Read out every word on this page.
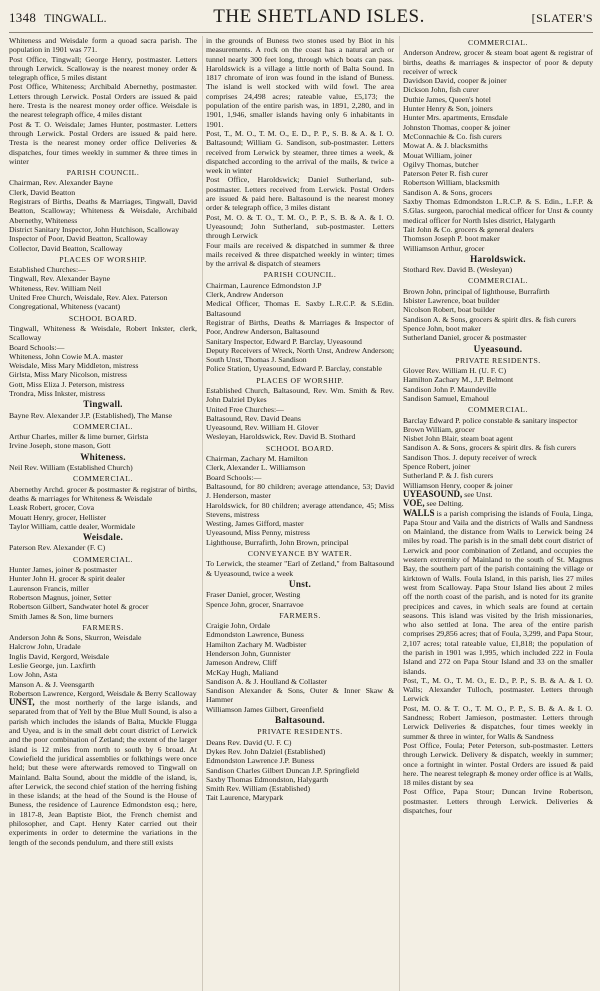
1348 TINGWALL.	THE SHETLAND ISLES.	[SLATER'S
Whiteness and Weisdale form a quoad sacra parish. The population in 1901 was 771.
Post Office, Tingwall; George Henry, postmaster. Letters through Lerwick. Scalloway is the nearest money order & telegraph office, 5 miles distant
Post Office, Whiteness; Archibald Abernethy, postmaster. Letters through Lerwick. Postal Orders are issued & paid here. Tresta is the nearest money order office. Weisdale is the nearest telegraph office, 4 miles distant
Post & T. O. Weisdale; James Hunter, postmaster. Letters through Lerwick. Postal Orders are issued & paid here. Tresta is the nearest money order office Deliveries & dispatches, four times weekly in summer & three times in winter
PARISH COUNCIL.
Chairman, Rev. Alexander Bayne
Clerk, David Beatton
Registrars of Births, Deaths & Marriages, Tingwall, David Beatton, Scalloway; Whiteness & Weisdale, Archibald Abernethy, Whiteness
District Sanitary Inspector, John Hutchison, Scalloway
Inspector of Poor, David Beatton, Scalloway
Collector, David Beatton, Scalloway
PLACES OF WORSHIP.
Established Churches:—
Tingwall, Rev. Alexander Bayne
Whiteness, Rev. William Neil
United Free Church, Weisdale, Rev. Alex. Paterson
Congregational, Whiteness (vacant)
SCHOOL BOARD.
Tingwall, Whiteness & Weisdale, Robert Inkster, clerk, Scalloway
Board Schools:—
Whiteness, John Cowie M.A. master
Weisdale, Miss Mary Middleton, mistress
Girlsta, Miss Mary Nicolson, mistress
Gott, Miss Eliza J. Peterson, mistress
Trondra, Miss Inkster, mistress
Tingwall.
Bayne Rev. Alexander J.P. (Established), The Manse
COMMERCIAL.
Arthur Charles, miller & lime burner, Girlsta
Irvine Joseph, stone mason, Gott
Whiteness.
Neil Rev. William (Established Church)
COMMERCIAL.
Abernethy Archd. grocer & postmaster & registrar of births, deaths & marriages for Whiteness & Weisdale
Leask Robert, grocer, Cova
Mouatt Henry, grocer, Hellister
Taylor William, cattle dealer, Wormidale
Weisdale.
Paterson Rev. Alexander (F. C)
COMMERCIAL.
Hunter James, joiner & postmaster
Hunter John H. grocer & spirit dealer
Laurenson Francis, miller
Robertson Magnus, joiner, Setter
Robertson Gilbert, Sandwater hotel & grocer
Smith James & Son, lime burners
FARMERS.
Anderson John & Sons, Skurron, Weisdale
Halcrow John, Uradale
Inglis David, Kergord, Weisdale
Leslie George, jun. Laxfirth
Low John, Asta
Manson A. & J. Veensgarth
Robertson Lawrence, Kergord, Weisdale & Berry Scalloway
UNST, the most northerly of the large islands, and separated from that of Yell by the Blue Mull Sound, is also a parish which includes the islands of Balta, Muckle Flugga and Uyea, and is in the small debt court district of Lerwick and the poor combination of Zetland; the extent of the larger island is 12 miles from north to south by 6 broad. At Cowiefield the juridical assemblies or folkthings were once held; but these were afterwards removed to Tingwall on Mainland. Balta Sound, about the middle of the island, is, after Lerwick, the second chief station of the herring fishing in these islands; at the head of the Sound is the House of Buness, the residence of Laurence Edmondston esq.; here, in 1817-8, Jean Baptiste Biot, the French chemist and philosopher, and Capt. Henry Kater carried out their experiments in order to determine the variations in the length of the seconds pendulum, and there still exists
in the grounds of Buness two stones used by Biot in his measurements. A rock on the coast has a natural arch or tunnel nearly 300 feet long, through which boats can pass. Haroldswick is a village a little north of Balta Sound. In 1817 chromate of iron was found in the island of Buness. The island is well stocked with wild fowl. The area comprises 24,498 acres; rateable value, £5,173; the population of the entire parish was, in 1891, 2,280, and in 1901, 1,946, smaller islands having only 6 inhabitants in 1901.
Post, T., M. O., T. M. O., E. D., P. P., S. B. & A. & I. O. Baltasound; William G. Sandison, sub-postmaster. Letters received from Lerwick by steamer, three times a week, & dispatched according to the arrival of the mails, & twice a week in winter
Post Office, Haroldswick; Daniel Sutherland, sub-postmaster. Letters received from Lerwick. Postal Orders are issued & paid here. Baltasound is the nearest money order & telegraph office, 3 miles distant
Post, M. O. & T. O., T. M. O., P. P., S. B. & A. & I. O. Uyeasound; John Sutherland, sub-postmaster. Letters through Lerwick
Four mails are received & dispatched in summer & three mails received & three dispatched weekly in winter; times by the arrival & dispatch of steamers
PARISH COUNCIL.
Chairman, Laurence Edmondston J.P
Clerk, Andrew Anderson
Medical Officer, Thomas E. Saxby L.R.C.P. & S.Edin. Baltasound
Registrar of Births, Deaths & Marriages & Inspector of Poor, Andrew Anderson, Baltasound
Sanitary Inspector, Edward P. Barclay, Uyeasound
Deputy Receivers of Wreck, North Unst, Andrew Anderson; South Unst, Thomas J. Sandison
Police Station, Uyeasound, Edward P. Barclay, constable
PLACES OF WORSHIP.
Established Church, Baltasound, Rev. Wm. Smith & Rev. John Dalziel Dykes
United Free Churches:—
Baltasound, Rev. David Deans
Uyeasound, Rev. William H. Glover
Wesleyan, Haroldswick, Rev. David B. Stothard
SCHOOL BOARD.
Chairman, Zachary M. Hamilton
Clerk, Alexander L. Williamson
Board Schools:—
Baltasound, for 80 children; average attendance, 53; David J. Henderson, master
Haroldswick, for 80 children; average attendance, 45; Miss Stevens, mistress
Westing, James Gifford, master
Uyeasound, Miss Penny, mistress
Lighthouse, Burrafirth, John Brown, principal
CONVEYANCE BY WATER.
To Lerwick, the steamer "Earl of Zetland," from Baltasound & Uyeasound, twice a week
Unst.
Fraser Daniel, grocer, Westing
Spence John, grocer, Snarravoe
FARMERS.
Craigie John, Ordale
Edmondston Lawrence, Buness
Hamilton Zachary M. Wadbister
Henderson John, Gunnister
Jameson Andrew, Cliff
McKay Hugh, Maliand
Sandison A. & J. Houlland & Collaster
Sandison Alexander & Sons, Outer & Inner Skaw & Hammer
Williamson James Gilbert, Greenfield
Baltasound.
PRIVATE RESIDENTS.
Deans Rev. David (U. F. C)
Dykes Rev. John Dalziel (Established)
Edmondston Lawrence J.P. Buness
Sandison Charles Gilbert Duncan J.P. Springfield
Saxby Thomas Edmondston, Halygarth
Smith Rev. William (Established)
Tait Laurence, Marypark
COMMERCIAL.
Anderson Andrew, grocer & steam boat agent & registrar of births, deaths & marriages & inspector of poor & deputy receiver of wreck
Davidson David, cooper & joiner
Dickson John, fish curer
Duthie James, Queen's hotel
Hunter Henry & Son, joiners
Hunter Mrs. apartments, Ernsdale
Johnston Thomas, cooper & joiner
McConnachie & Co. fish curers
Mowat A. & J. blacksmiths
Mouat William, joiner
Ogilvy Thomas, butcher
Paterson Peter R. fish curer
Robertson William, blacksmith
Sandison A. & Sons, grocers
Saxby Thomas Edmondston L.R.C.P. & S. Edin., L.F.P. & S.Glas. surgeon, parochial medical officer for Unst & county medical officer for North Isles district, Halygarth
Tait John & Co. grocers & general dealers
Thomson Joseph P. boot maker
Williamson Arthur, grocer
Haroldswick.
Stothard Rev. David B. (Wesleyan)
COMMERCIAL.
Brown John, principal of lighthouse, Burrafirth
Isbister Lawrence, boat builder
Nicolson Robert, boat builder
Sandison A. & Sons, grocers & spirit dlrs. & fish curers
Spence John, boot maker
Sutherland Daniel, grocer & postmaster
Uyeasound.
PRIVATE RESIDENTS.
Glover Rev. William H. (U. F. C)
Hamilton Zachary M., J.P. Belmont
Sandison John P. Maundeville
Sandison Samuel, Ernahoul
COMMERCIAL.
Barclay Edward P. police constable & sanitary inspector
Brown William, grocer
Nisbet John Blair, steam boat agent
Sandison A. & Sons, grocers & spirit dlrs. & fish curers
Sandison Thos. J. deputy receiver of wreck
Spence Robert, joiner
Sutherland P. & J. fish curers
Williamson Henry, cooper & joiner
UYEASOUND, see Unst.
VOE, see Delting.
WALLS is a parish comprising the islands of Foula, Linga, Papa Stour and Vaila and the districts of Walls and Sandness on Mainland, the distance from Walls to Lerwick being 24 miles by road. The parish is in the small debt court district of Lerwick and poor combination of Zetland, and occupies the western extremity of Mainland to the south of St. Magnus Bay, the southern part of the parish containing the village or kirktown of Walls. Foula Island, in this parish, lies 27 miles west from Scalloway. Papa Stour Island lies about 2 miles off the north coast of the parish, and is noted for its granite precipices and caves, in which seals are found at certain seasons. This island was visited by the Irish missionaries, who also settled at Iona. The area of the entire parish comprises 29,856 acres; that of Foula, 3,299, and Papa Stour, 2,107 acres; total rateable value, £1,818; the population of the parish in 1901 was 1,995, which included 222 in Foula Island and 272 on Papa Stour Island and 33 on the smaller islands.
Post, T., M. O., T. M. O., E. D., P. P., S. B. & A. & I. O. Walls; Alexander Tulloch, postmaster. Letters through Lerwick
Post, M. O. & T. O., T. M. O., P. P., S. B. & A. & I. O. Sandness; Robert Jamieson, postmaster. Letters through Lerwick Deliveries & dispatches, four times weekly in summer & three in winter, for Walls & Sandness
Post Office, Foula; Peter Peterson, sub-postmaster. Letters through Lerwick. Delivery & dispatch, weekly in summer; once a fortnight in winter. Postal Orders are issued & paid here. The nearest telegraph & money order office is at Walls, 18 miles distant by sea
Post Office, Papa Stour; Duncan Irvine Robertson, postmaster. Letters through Lerwick. Deliveries & dispatches, four
